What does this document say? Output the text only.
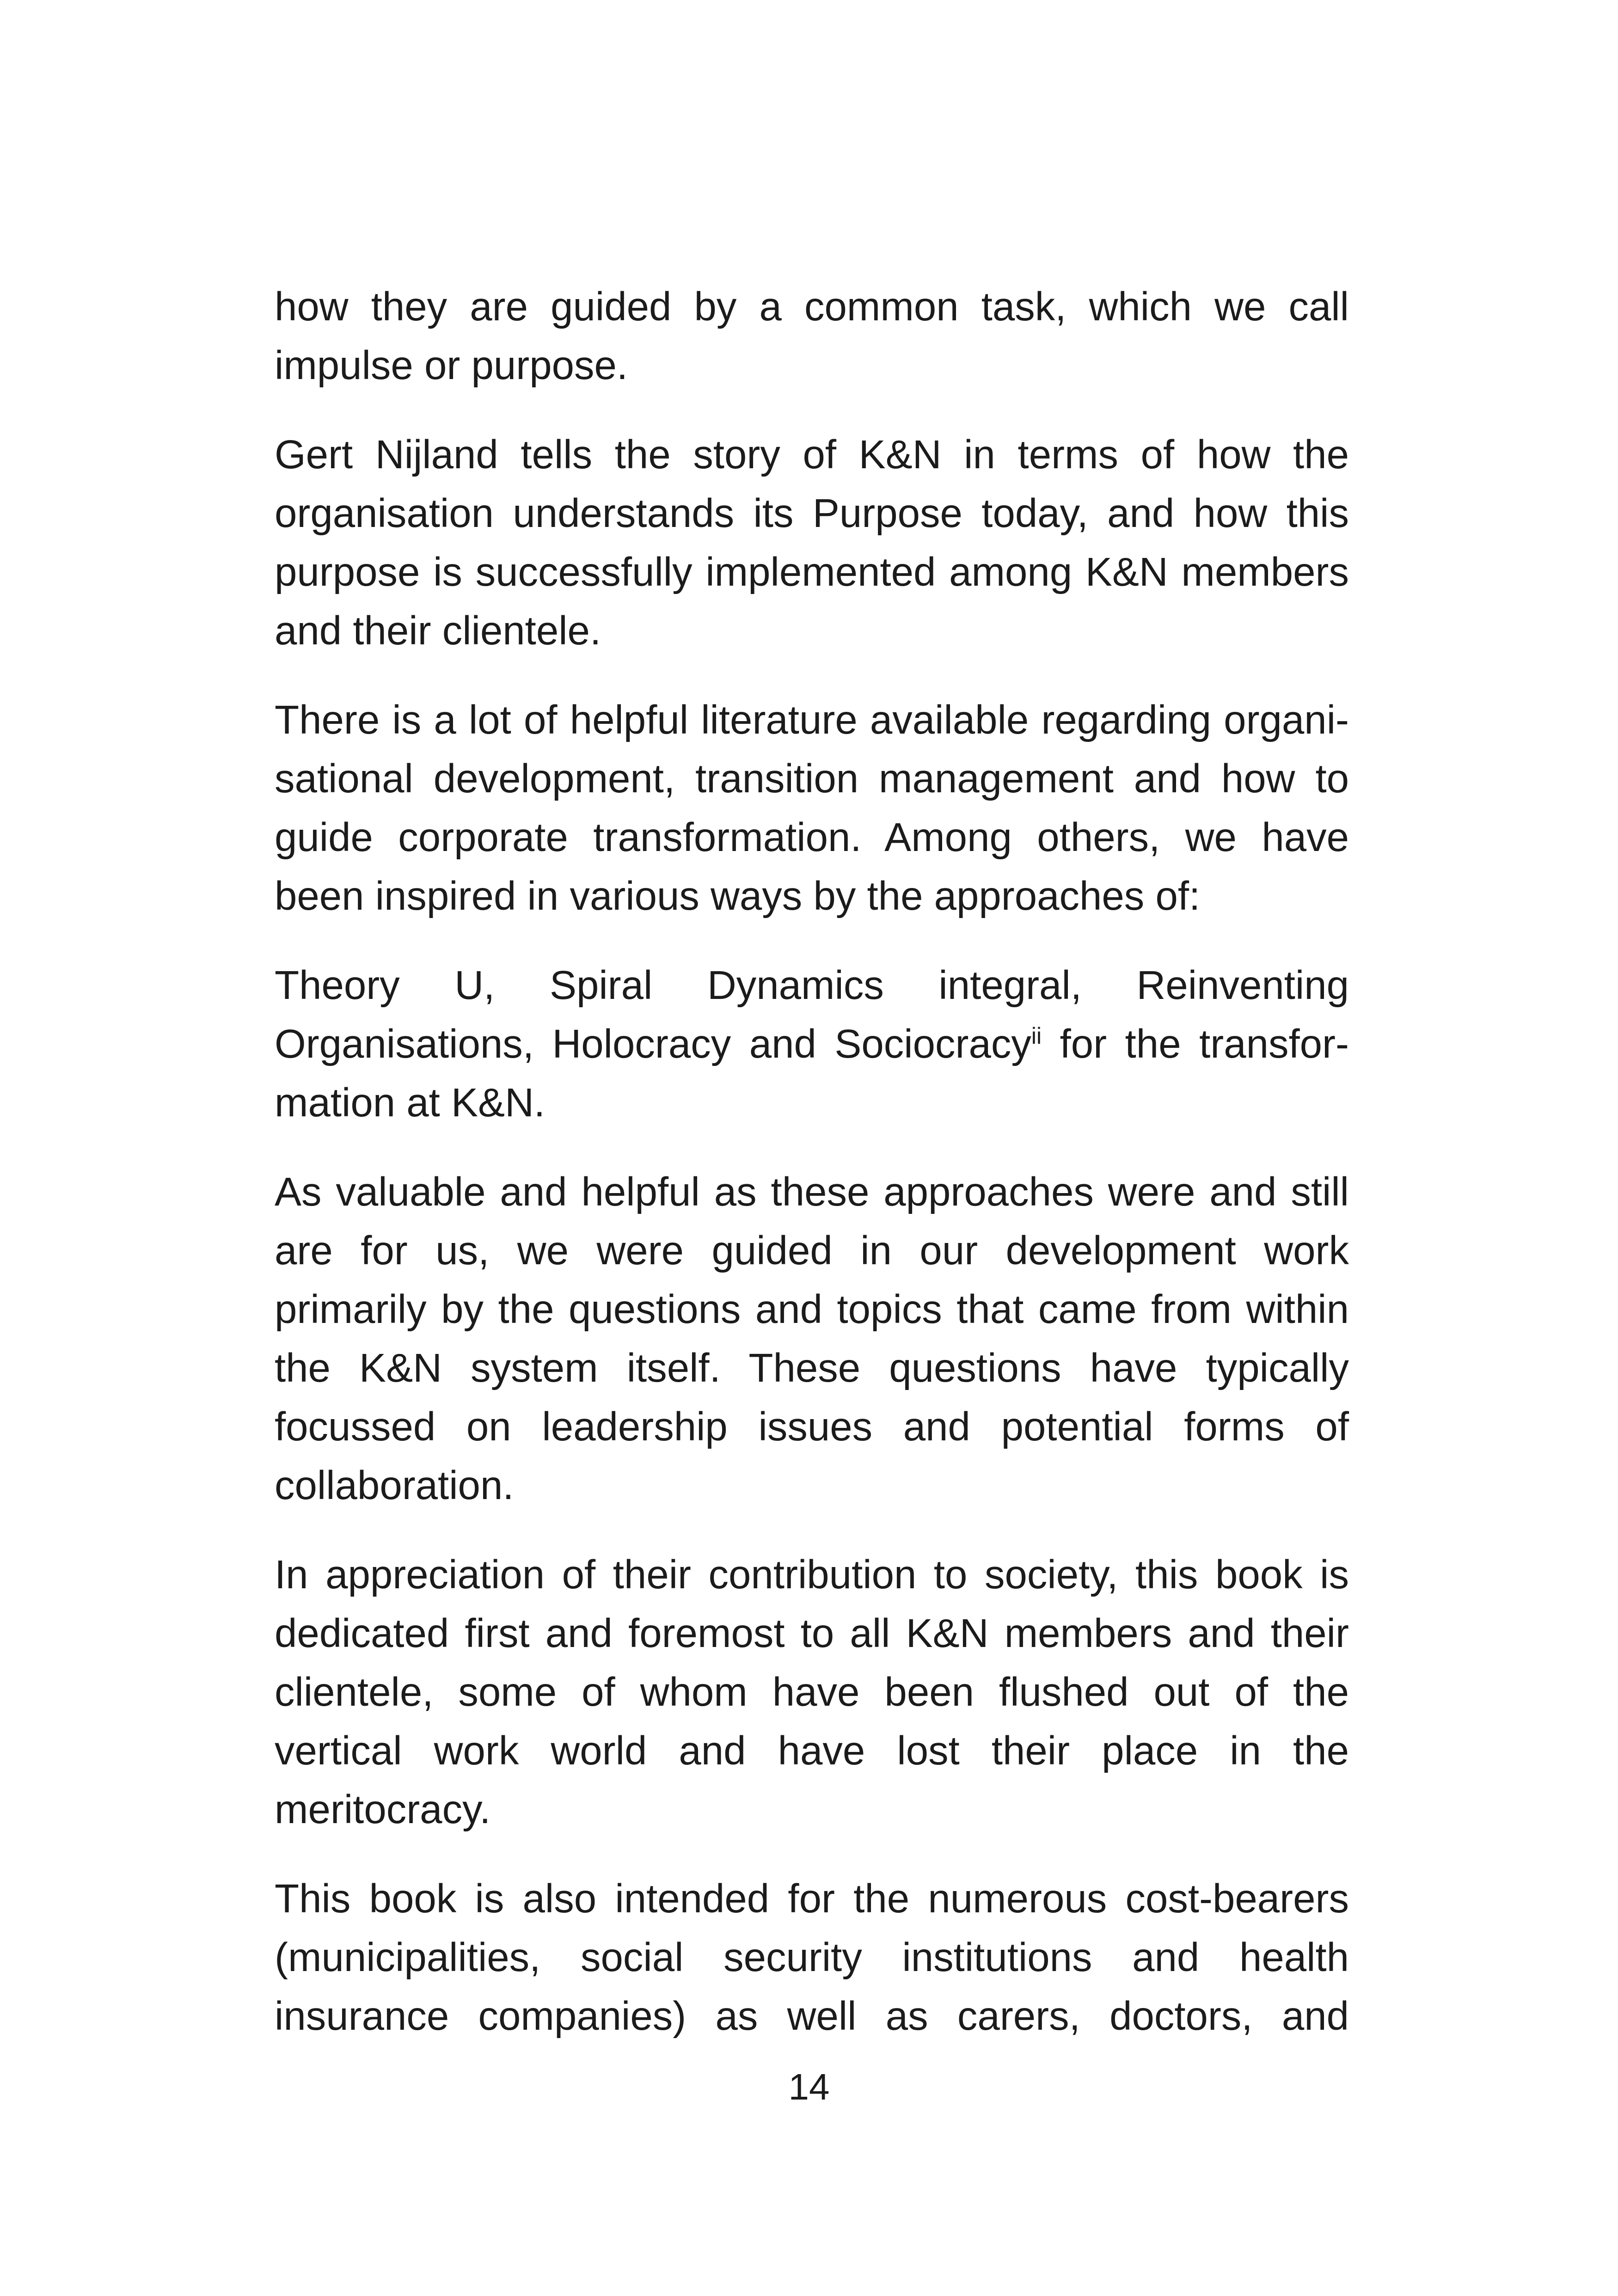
how they are guided by a common task, which we call impulse or purpose.

Gert Nijland tells the story of K&N in terms of how the organisation understands its Purpose today, and how this purpose is successfully implemented among K&N members and their clientele.

There is a lot of helpful literature available regarding organi-sational development, transition management and how to guide corporate transformation. Among others, we have been inspired in various ways by the approaches of:

Theory U, Spiral Dynamics integral, Reinventing
Organisations, Holocracy and Sociocracy$^{ii}$ for the transfor-mation at K&N.

As valuable and helpful as these approaches were and still are for us, we were guided in our development work primarily by the questions and topics that came from within the K&N system itself. These questions have typically focussed on leadership issues and potential forms of collaboration.

In appreciation of their contribution to society, this book is dedicated first and foremost to all K&N members and their clientele, some of whom have been flushed out of the vertical work world and have lost their place in the meritocracy.

This book is also intended for the numerous cost-bearers (municipalities, social security institutions and health insurance companies) as well as carers, doctors, and

14
